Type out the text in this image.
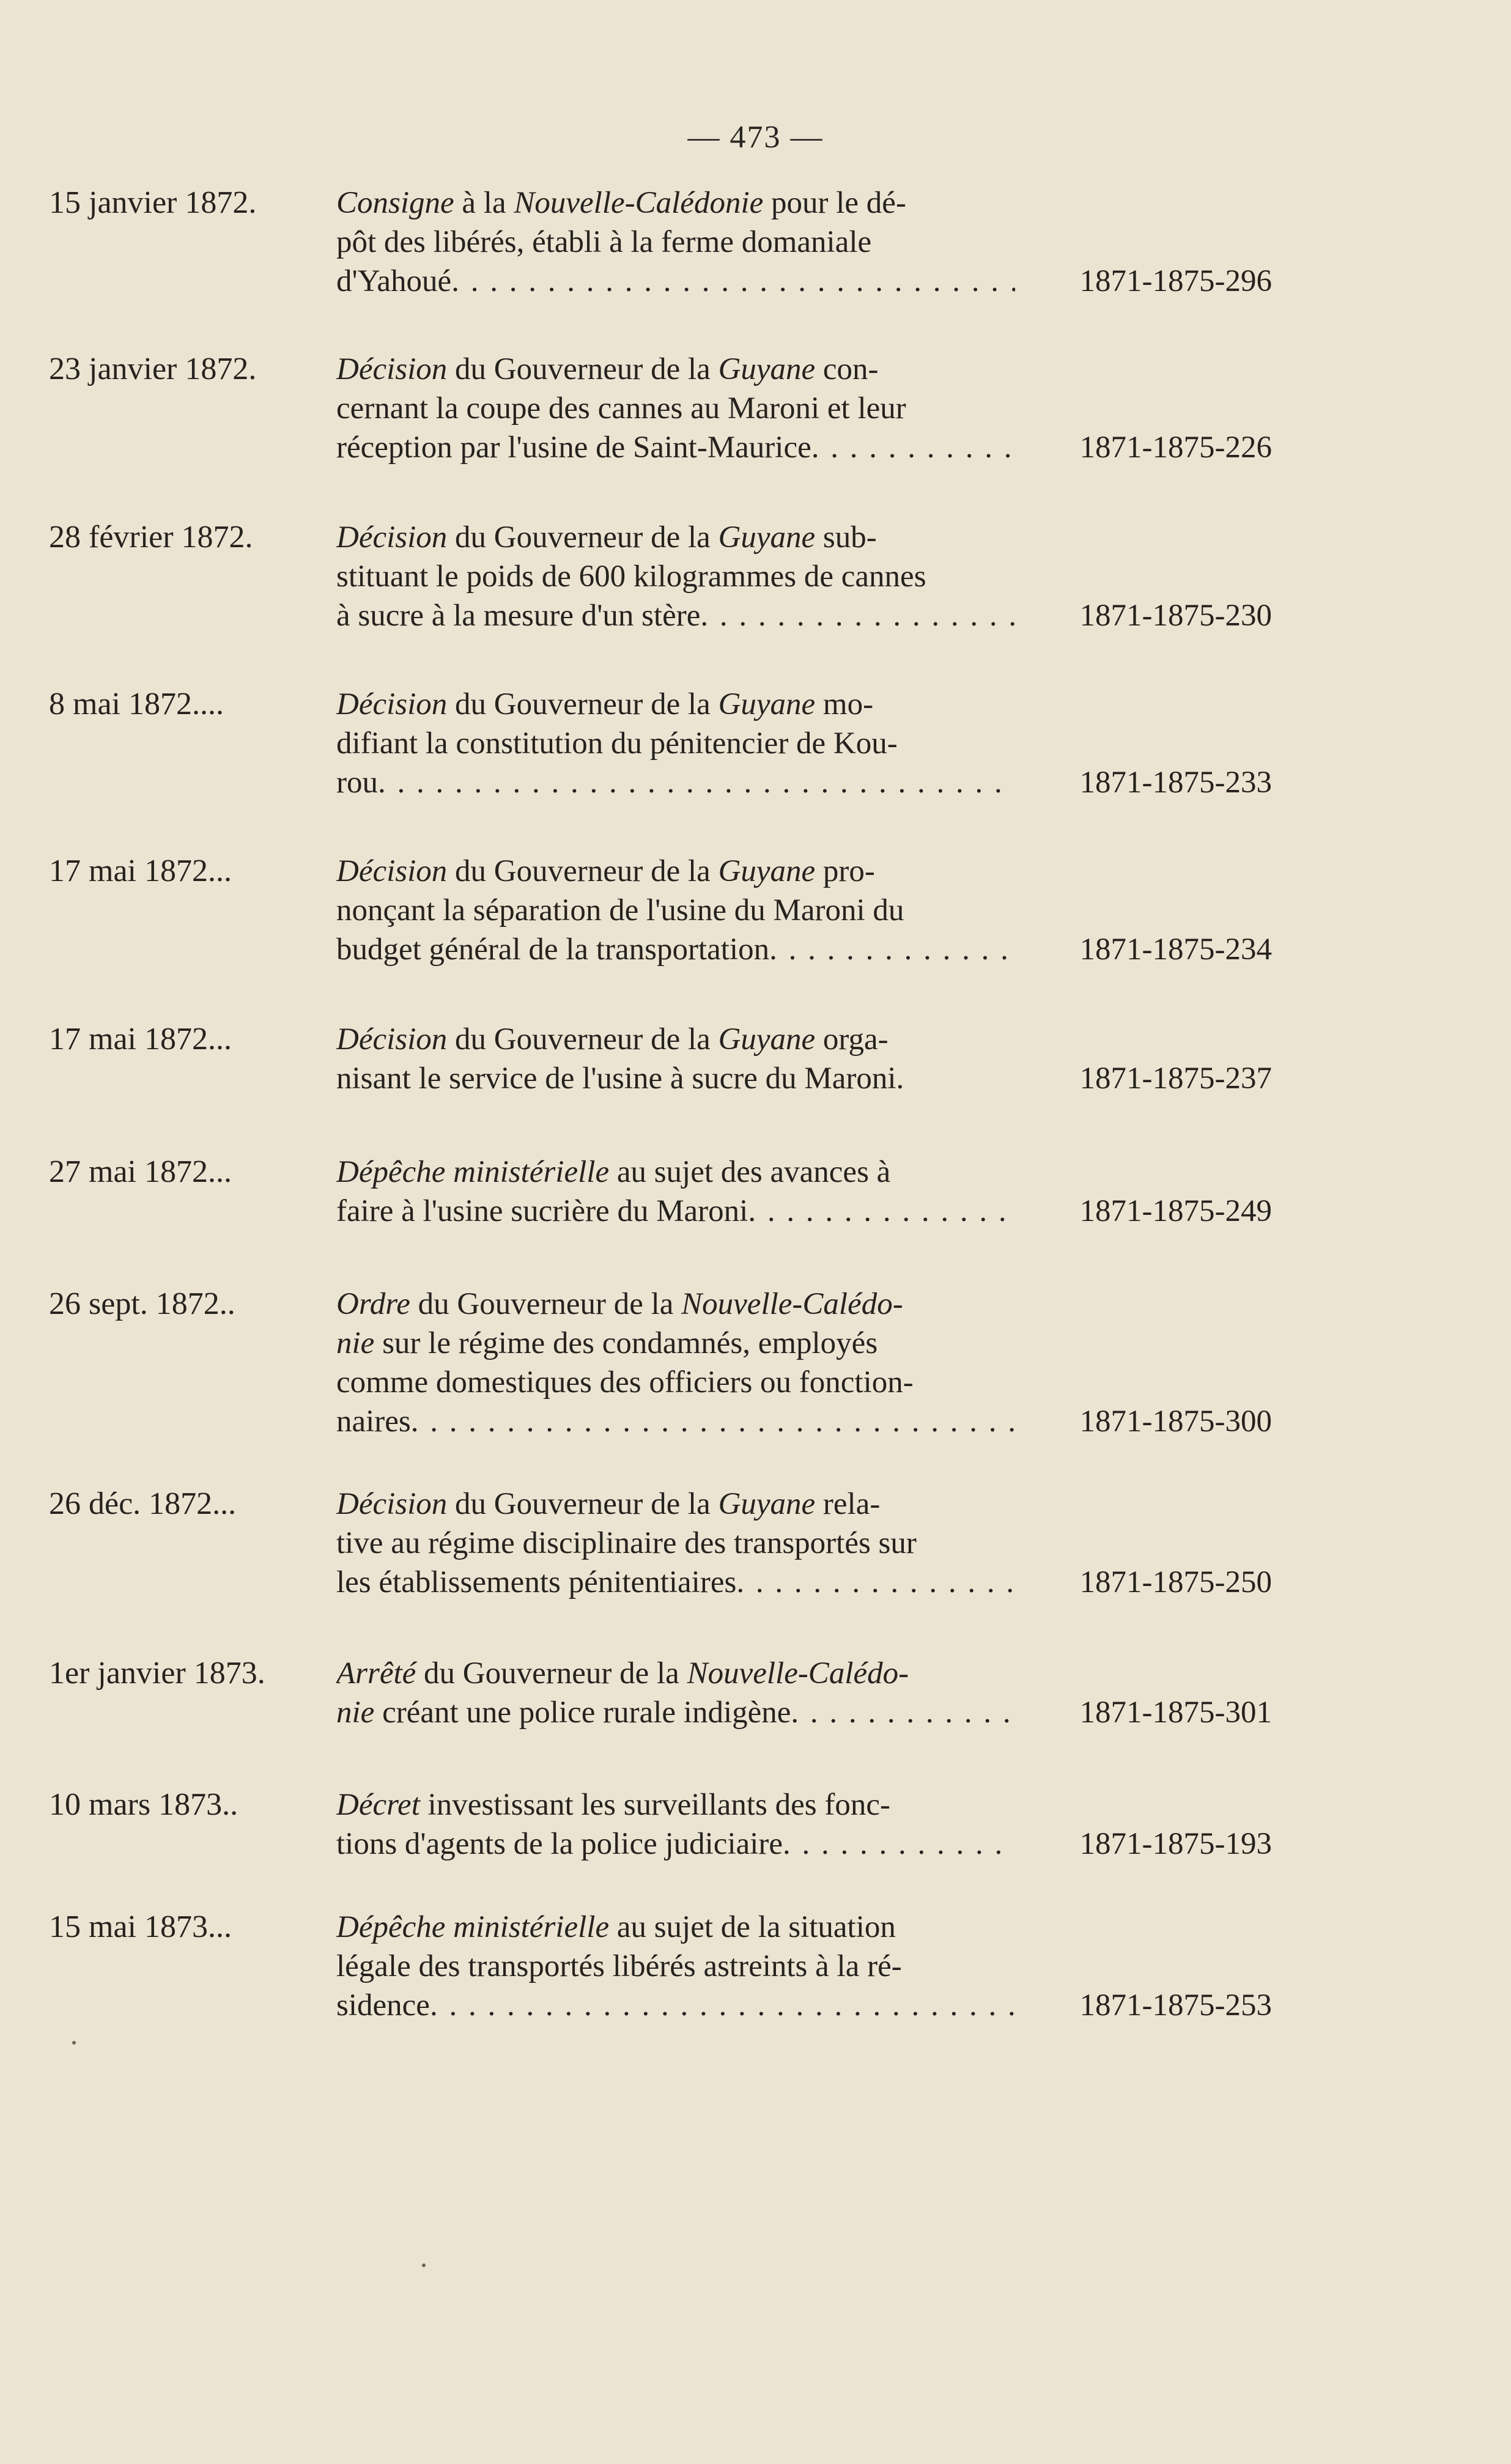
— 473 —
15 janvier 1872.	Consigne à la Nouvelle-Calédonie pour le dé-
pôt des libérés, établi à la ferme domaniale
d'Yahoué . . .	1871-1875-296
23 janvier 1872.	Décision du Gouverneur de la Guyane con-
cernant la coupe des cannes au Maroni et leur
réception par l'usine de Saint-Maurice . . .	1871-1875-226
28 février 1872.	Décision du Gouverneur de la Guyane sub-
stituant le poids de 600 kilogrammes de cannes
à sucre à la mesure d'un stère . . .	1871-1875-230
8 mai 1872....	Décision du Gouverneur de la Guyane mo-
difiant la constitution du pénitencier de Kou-
rou . . .	1871-1875-233
17 mai 1872...	Décision du Gouverneur de la Guyane pro-
nonçant la séparation de l'usine du Maroni du
budget général de la transportation . . .	1871-1875-234
17 mai 1872...	Décision du Gouverneur de la Guyane orga-
nisant le service de l'usine à sucre du Maroni.	1871-1875-237
27 mai 1872...	Dépêche ministérielle au sujet des avances à
faire à l'usine sucrière du Maroni . . .	1871-1875-249
26 sept. 1872..	Ordre du Gouverneur de la Nouvelle-Calédo-
nie sur le régime des condamnés, employés
comme domestiques des officiers ou fonction-
naires . . .	1871-1875-300
26 déc. 1872...	Décision du Gouverneur de la Guyane rela-
tive au régime disciplinaire des transportés sur
les établissements pénitentiaires . . .	1871-1875-250
1er janvier 1873.	Arrêté du Gouverneur de la Nouvelle-Calédo-
nie créant une police rurale indigène . . .	1871-1875-301
10 mars 1873..	Décret investissant les surveillants des fonc-
tions d'agents de la police judiciaire . . .	1871-1875-193
15 mai 1873...	Dépêche ministérielle au sujet de la situation
légale des transportés libérés astreints à la ré-
sidence . . .	1871-1875-253
